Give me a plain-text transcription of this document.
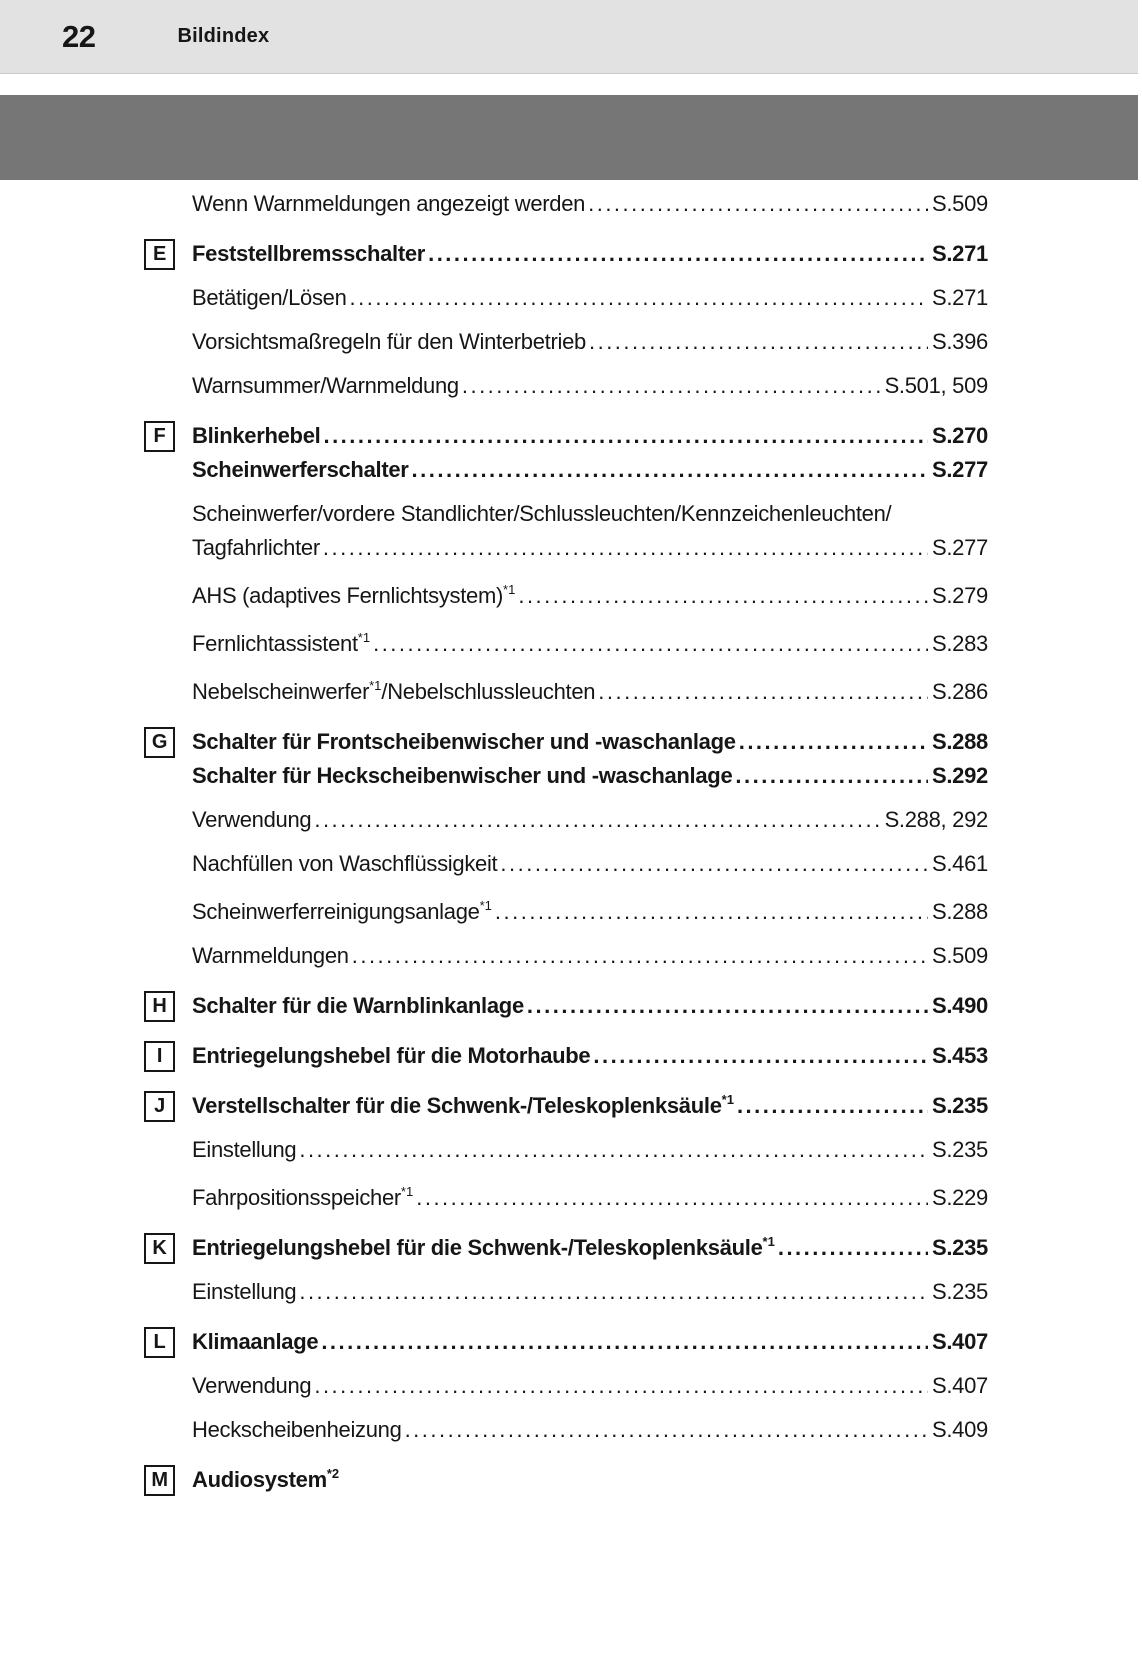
22	Bildindex
Wenn Warnmeldungen angezeigt werden .....	S.509
E Feststellbremsschalter .....	S.271
Betätigen/Lösen .....	S.271
Vorsichtsmaßregeln für den Winterbetrieb .....	S.396
Warnsummer/Warnmeldung .....	S.501, 509
F Blinkerhebel .....	S.270
Scheinwerferschalter .....	S.277
Scheinwerfer/vordere Standlichter/Schlussleuchten/Kennzeichenleuchten/
Tagfahrlichter .....	S.277
AHS (adaptives Fernlichtsystem)$^{*1}$ .....	S.279
Fernlichtassistent$^{*1}$ .....	S.283
Nebelscheinwerfer$^{*1}$/Nebelschlussleuchten .....	S.286
G Schalter für Frontscheibenwischer und -waschanlage .....	S.288
Schalter für Heckscheibenwischer und -waschanlage .....	S.292
Verwendung .....	S.288, 292
Nachfüllen von Waschflüssigkeit .....	S.461
Scheinwerferreinigungsanlage$^{*1}$ .....	S.288
Warnmeldungen .....	S.509
H Schalter für die Warnblinkanlage .....	S.490
I Entriegelungshebel für die Motorhaube .....	S.453
J Verstellschalter für die Schwenk-/Teleskoplenksäule$^{*1}$ .....	S.235
Einstellung .....	S.235
Fahrpositionsspeicher$^{*1}$ .....	S.229
K Entriegelungshebel für die Schwenk-/Teleskoplenksäule$^{*1}$ .....	S.235
Einstellung .....	S.235
L Klimaanlage .....	S.407
Verwendung .....	S.407
Heckscheibenheizung .....	S.409
M Audiosystem$^{*2}$
